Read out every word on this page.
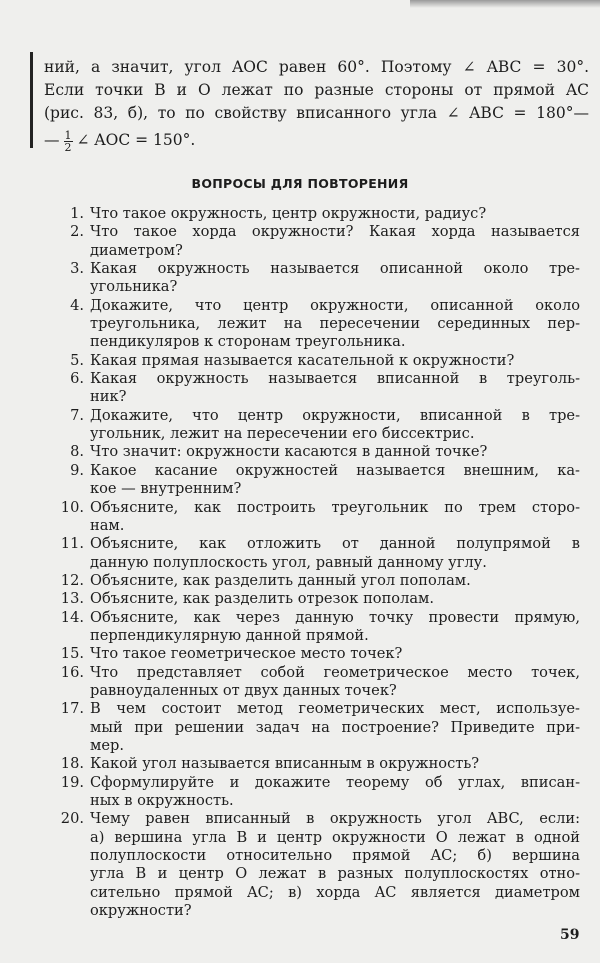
ний, а значит, угол AOC равен 60°. Поэтому ∠ ABC = 30°.
Если точки B и O лежат по разные стороны от прямой AC
(рис. 83, б), то по свойству вписанного угла ∠ ABC = 180°—
— $\frac{1}{2}$ ∠ AOC = 150°.
ВОПРОСЫ ДЛЯ ПОВТОРЕНИЯ
1. Что такое окружность, центр окружности, радиус?
2. Что такое хорда окружности? Какая хорда называется
диаметром?
3. Какая окружность называется описанной около тре-
угольника?
4. Докажите, что центр окружности, описанной около
треугольника, лежит на пересечении серединных пер-
пендикуляров к сторонам треугольника.
5. Какая прямая называется касательной к окружности?
6. Какая окружность называется вписанной в треуголь-
ник?
7. Докажите, что центр окружности, вписанной в тре-
угольник, лежит на пересечении его биссектрис.
8. Что значит: окружности касаются в данной точке?
9. Какое касание окружностей называется внешним, ка-
кое — внутренним?
10. Объясните, как построить треугольник по трем сторо-
нам.
11. Объясните, как отложить от данной полупрямой в
данную полуплоскость угол, равный данному углу.
12. Объясните, как разделить данный угол пополам.
13. Объясните, как разделить отрезок пополам.
14. Объясните, как через данную точку провести прямую,
перпендикулярную данной прямой.
15. Что такое геометрическое место точек?
16. Что представляет собой геометрическое место точек,
равноудаленных от двух данных точек?
17. В чем состоит метод геометрических мест, используе-
мый при решении задач на построение? Приведите при-
мер.
18. Какой угол называется вписанным в окружность?
19. Сформулируйте и докажите теорему об углах, вписан-
ных в окружность.
20. Чему равен вписанный в окружность угол ABC, если:
а) вершина угла B и центр окружности O лежат в одной
полуплоскости относительно прямой AC; б) вершина
угла B и центр O лежат в разных полуплоскостях отно-
сительно прямой AC; в) хорда AC является диаметром
окружности?
59
